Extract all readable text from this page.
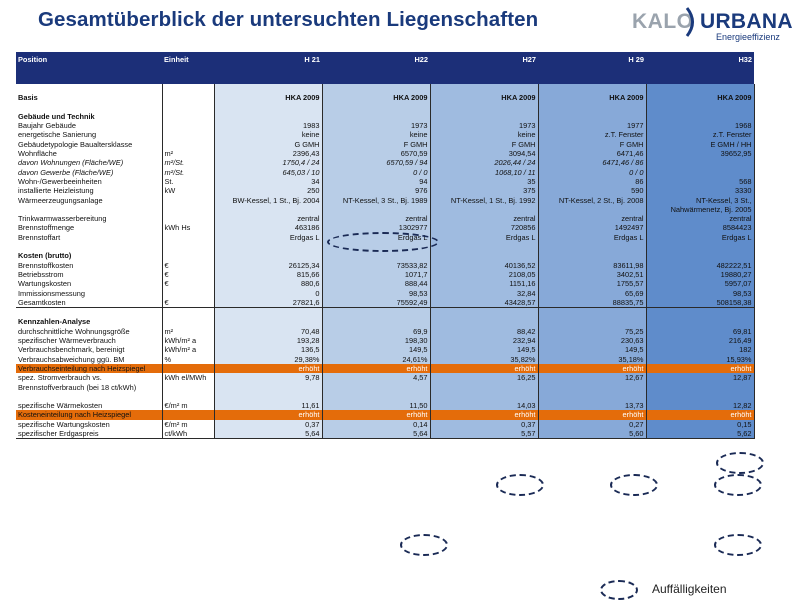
Gesamtüberblick der untersuchten Liegenschaften	KALO URBANA
Energieeffizienz
Position	Einheit	H 21	H22	H27	H 29	H32

Basis		HKA 2009	HKA 2009	HKA 2009	HKA 2009	HKA 2009

Gebäude und Technik						
Baujahr Gebäude		1983	1973	1973	1977	1968
energetische Sanierung		keine	keine	keine	z.T. Fenster	z.T. Fenster
Gebäudetypologie Baualtersklasse		G GMH	F GMH	F GMH	F GMH	E GMH / HH
Wohnfläche	m²	2396,43	6570,59	3094,54	6471,46	39652,95
davon Wohnungen (Fläche/WE)	m²/St.	1750,4 / 24	6570,59 / 94	2026,44 / 24	6471,46 / 86	
davon Gewerbe (Fläche/WE)	m²/St.	645,03 / 10	0 / 0	1068,10 / 11	0 / 0	
Wohn-/Gewerbeeinheiten	St.	34	94	35	86	568
installierte Heizleistung	kW	250	976	375	590	3330
Wärmeerzeugungsanlage		BW-Kessel, 1 St., Bj. 2004	NT-Kessel, 3 St., Bj. 1989	NT-Kessel, 1 St., Bj. 1992	NT-Kessel, 2 St., Bj. 2008	NT-Kessel, 3 St.,
						Nahwärmenetz, Bj. 2005
Trinkwarmwasserbereitung		zentral	zentral	zentral	zentral	zentral
Brennstoffmenge	kWh Hs	463186	1302977	720856	1492497	8584423
Brennstoffart		Erdgas L	Erdgas L	Erdgas L	Erdgas L	Erdgas L

Kosten (brutto)						
Brennstoffkosten	€	26125,34	73533,82	40136,52	83611,98	482222,51
Betriebsstrom	€	815,66	1071,7	2108,05	3402,51	19880,27
Wartungskosten	€	880,6	888,44	1151,16	1755,57	5957,07
Immissionsmessung		0	98,53	32,84	65,69	98,53
Gesamtkosten	€	27821,6	75592,49	43428,57	88835,75	508158,38

Kennzahlen-Analyse						
durchschnittliche Wohnungsgröße	m²	70,48	69,9	88,42	75,25	69,81
spezifischer Wärmeverbrauch	kWh/m² a	193,28	198,30	232,94	230,63	216,49
Verbrauchsbenchmark, bereinigt	kWh/m² a	136,5	149,5	149,5	149,5	182
Verbrauchsabweichung ggü. BM	%	29,38%	24,61%	35,82%	35,18%	15,93%
Verbrauchseinteilung nach Heizspiegel		erhöht	erhöht	erhöht	erhöht	erhöht
spez. Stromverbrauch vs.	kWh el/MWh	9,78	4,57	16,25	12,67	12,87
Brennstoffverbrauch (bei 18 ct/kWh)						

spezifische Wärmekosten	€/m² m	11,61	11,50	14,03	13,73	12,82
Kosteneinteilung nach Heizspiegel		erhöht	erhöht	erhöht	erhöht	erhöht
spezifische Wartungskosten	€/m² m	0,37	0,14	0,37	0,27	0,15
spezifischer Erdgaspreis	ct/kWh	5,64	5,64	5,57	5,60	5,62
Auffälligkeiten
